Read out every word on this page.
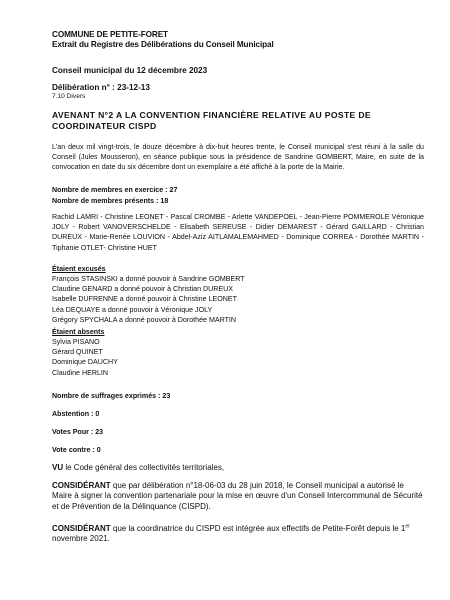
COMMUNE DE PETITE-FORET
Extrait du Registre des Délibérations du Conseil Municipal
Conseil municipal du 12 décembre 2023
Délibération n° : 23-12-13
7.10 Divers
AVENANT N°2 A LA CONVENTION FINANCIÈRE RELATIVE AU POSTE DE COORDINATEUR CISPD
L'an deux mil vingt-trois, le douze décembre à dix-huit heures trente, le Conseil municipal s'est réuni à la salle du Conseil (Jules Mousseron), en séance publique sous la présidence de Sandrine GOMBERT, Maire, en suite de la convocation en date du six décembre dont un exemplaire a été affiché à la porte de la Mairie.
Nombre de membres en exercice : 27
Nombre de membres présents : 18
Rachid LAMRI - Christine LEONET - Pascal CROMBE - Arlette VANDEPOEL - Jean-Pierre POMMEROLE Véronique JOLY - Robert VANOVERSCHELDE - Elisabeth SEREUSE - Didier DEMAREST - Gérard GAILLARD - Christian DUREUX - Marie-Renée LOUVION - Abdel-Aziz AITLAMALEMAHMED - Dominique CORREA - Dorothée MARTIN - Tiphanie OTLET- Christine HUET
Étaient excusés
François STASINSKI a donné pouvoir à Sandrine GOMBERT
Claudine GENARD a donné pouvoir à Christian DUREUX
Isabelle DUFRENNE a donné pouvoir à Christine LEONET
Léa DEQUAYE a donné pouvoir à Véronique JOLY
Grégory SPYCHALA a donné pouvoir à Dorothée MARTIN
Étaient absents
Sylvia PISANO
Gérard QUINET
Dominique DAUCHY
Claudine HERLIN
Nombre de suffrages exprimés : 23
Abstention : 0
Votes Pour : 23
Vote contre : 0
VU le Code général des collectivités territoriales,
CONSIDÉRANT que par délibération n°18-06-03 du 28 juin 2018, le Conseil municipal a autorisé le Maire à signer la convention partenariale pour la mise en œuvre d'un Conseil Intercommunal de Sécurité et de Prévention de la Délinquance (CISPD).
CONSIDÉRANT que la coordinatrice du CISPD est intégrée aux effectifs de Petite-Forêt depuis le 1er novembre 2021.
